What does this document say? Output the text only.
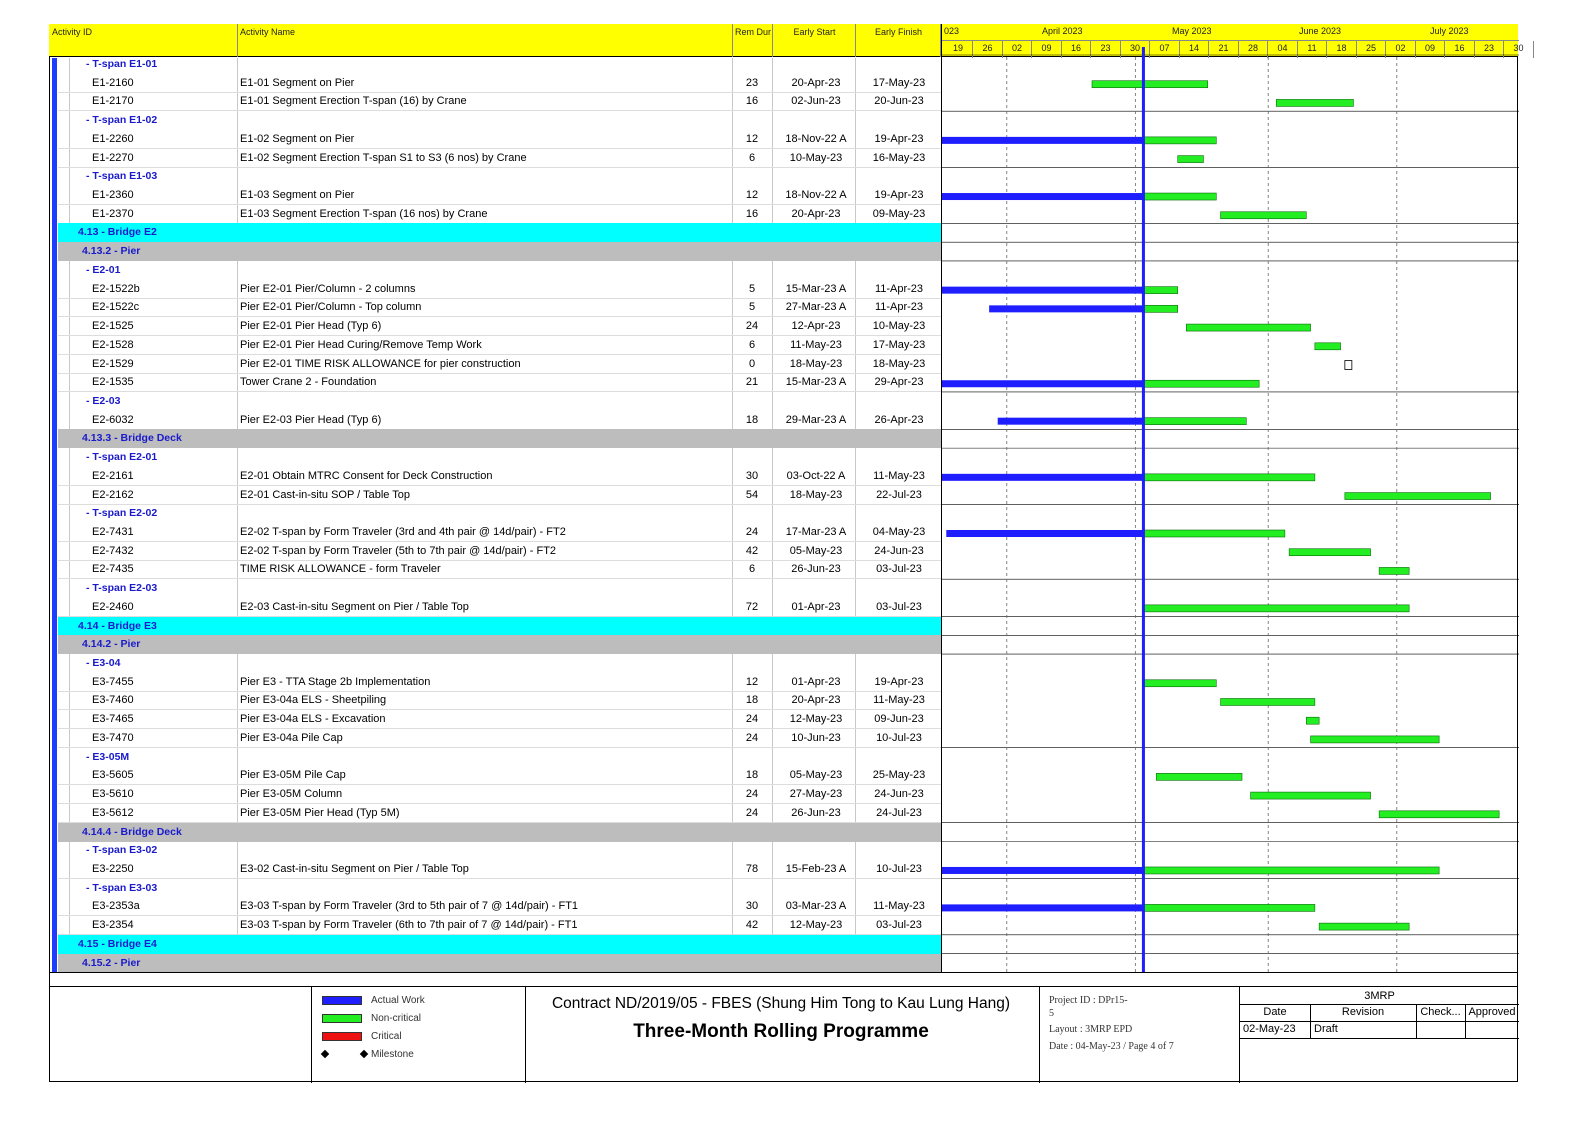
Activity ID	Activity Name	Rem Dur	Early Start	Early Finish	023	April 2023	May 2023	June 2023	July 2023
19	26	02	09	16	23	30	07	14	21	28	04	11	18	25	02	09	16	23	30
- T-span E1-01
E1-2160	E1-01 Segment on Pier	23	20-Apr-23	17-May-23
E1-2170	E1-01 Segment Erection T-span (16) by Crane	16	02-Jun-23	20-Jun-23
- T-span E1-02
E1-2260	E1-02 Segment on Pier	12	18-Nov-22 A	19-Apr-23
E1-2270	E1-02 Segment Erection T-span S1 to S3 (6 nos) by Crane	6	10-May-23	16-May-23
- T-span E1-03
E1-2360	E1-03 Segment on Pier	12	18-Nov-22 A	19-Apr-23
E1-2370	E1-03 Segment Erection T-span (16 nos) by Crane	16	20-Apr-23	09-May-23
4.13 - Bridge E2
4.13.2 - Pier
- E2-01
E2-1522b	Pier E2-01 Pier/Column - 2 columns	5	15-Mar-23 A	11-Apr-23
E2-1522c	Pier E2-01 Pier/Column - Top column	5	27-Mar-23 A	11-Apr-23
E2-1525	Pier E2-01 Pier Head (Typ 6)	24	12-Apr-23	10-May-23
E2-1528	Pier E2-01 Pier Head Curing/Remove Temp Work	6	11-May-23	17-May-23
E2-1529	Pier E2-01 TIME RISK ALLOWANCE for pier construction	0	18-May-23	18-May-23
E2-1535	Tower Crane 2 - Foundation	21	15-Mar-23 A	29-Apr-23
- E2-03
E2-6032	Pier E2-03 Pier Head (Typ 6)	18	29-Mar-23 A	26-Apr-23
4.13.3 - Bridge Deck
- T-span E2-01
E2-2161	E2-01 Obtain MTRC Consent for Deck Construction	30	03-Oct-22 A	11-May-23
E2-2162	E2-01 Cast-in-situ SOP / Table Top	54	18-May-23	22-Jul-23
- T-span E2-02
E2-7431	E2-02 T-span by Form Traveler (3rd and 4th pair @ 14d/pair) - FT2	24	17-Mar-23 A	04-May-23
E2-7432	E2-02 T-span by Form Traveler (5th to 7th pair @ 14d/pair) - FT2	42	05-May-23	24-Jun-23
E2-7435	TIME RISK ALLOWANCE - form Traveler	6	26-Jun-23	03-Jul-23
- T-span E2-03
E2-2460	E2-03 Cast-in-situ Segment on Pier / Table Top	72	01-Apr-23	03-Jul-23
4.14 - Bridge E3
4.14.2 - Pier
- E3-04
E3-7455	Pier E3 - TTA Stage 2b Implementation	12	01-Apr-23	19-Apr-23
E3-7460	Pier E3-04a ELS - Sheetpiling	18	20-Apr-23	11-May-23
E3-7465	Pier E3-04a ELS - Excavation	24	12-May-23	09-Jun-23
E3-7470	Pier E3-04a Pile Cap	24	10-Jun-23	10-Jul-23
- E3-05M
E3-5605	Pier E3-05M Pile Cap	18	05-May-23	25-May-23
E3-5610	Pier E3-05M Column	24	27-May-23	24-Jun-23
E3-5612	Pier E3-05M Pier Head (Typ 5M)	24	26-Jun-23	24-Jul-23
4.14.4 - Bridge Deck
- T-span E3-02
E3-2250	E3-02 Cast-in-situ Segment on Pier / Table Top	78	15-Feb-23 A	10-Jul-23
- T-span E3-03
E3-2353a	E3-03 T-span by Form Traveler (3rd to 5th pair of 7 @ 14d/pair) - FT1	30	03-Mar-23 A	11-May-23
E3-2354	E3-03 T-span by Form Traveler (6th to 7th pair of 7 @ 14d/pair) - FT1	42	12-May-23	03-Jul-23
4.15 - Bridge E4
4.15.2 - Pier
Actual Work
Non-critical
Critical
Milestone
Contract ND/2019/05 - FBES (Shung Him Tong to Kau Lung Hang)
Three-Month Rolling Programme
Project ID : DPr15-
5
Layout : 3MRP EPD
Date : 04-May-23 / Page 4 of 7
3MRP
Date	Revision	Check... Approved
02-May-23 Draft
